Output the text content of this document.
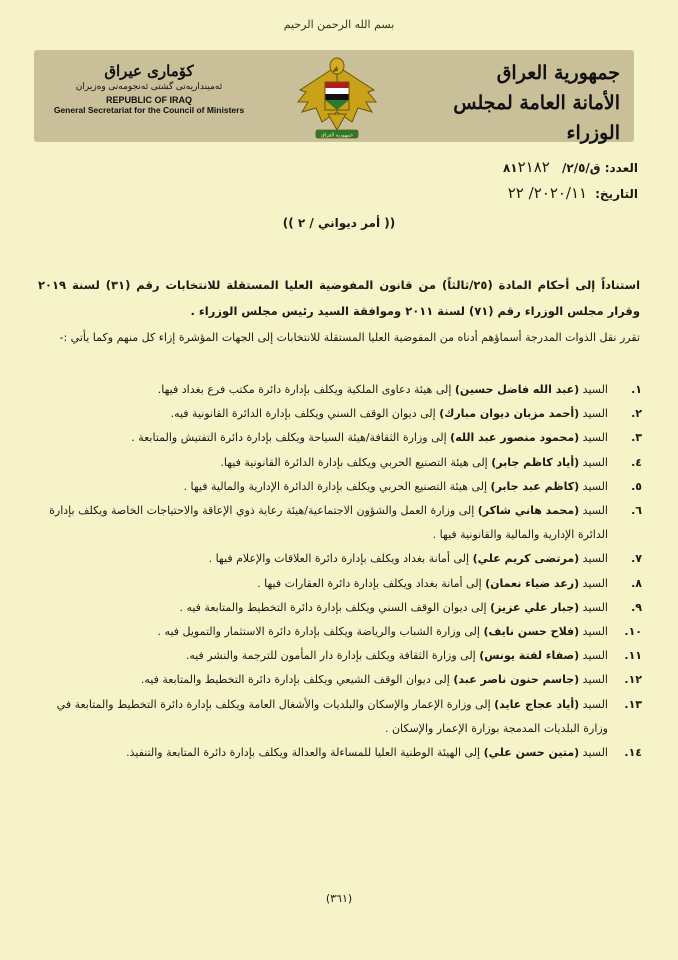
بسم الله الرحمن الرحيم
جمهورية العراق
الأمانة العامة لمجلس الوزراء
كۆماری عیراق
ئه‌مینداریه‌تی گشتی ئه‌نجومه‌نی وه‌زیران
REPUBLIC OF IRAQ
General Secretariat for the Council of Ministers
جمهورية العراق
العدد: ق/٢/٥/ ٨١٢١٨٢
التاريخ:٢٠٢٠/١١/ ٢٢
(( أمر ديواني / ٢ ))
استناداً إلى أحكام المادة (٢٥/ثالثاً) من قانون المفوضية العليا المستقلة للانتخابات رقم (٣١) لسنة ٢٠١٩ وقرار مجلس الوزراء رقم (٧١) لسنة ٢٠١١ وموافقة السيد رئيس مجلس الوزراء .
تقرر نقل الذوات المدرجة أسماؤهم أدناه من المفوضية العليا المستقلة للانتخابات إلى الجهات المؤشرة إزاء كل منهم وكما يأتي :-
١.
السيد (عبد الله فاضل حسين) إلى هيئة دعاوى الملكية ويكلف بإدارة دائرة مكتب فرع بغداد فيها.
٢.
السيد (أحمد مزبان ديوان مبارك) إلى ديوان الوقف السني ويكلف بإدارة الدائرة القانونية فيه.
٣.
السيد (محمود منصور عبد الله) إلى وزارة الثقافة/هيئة السياحة ويكلف بإدارة دائرة التفتيش والمتابعة .
٤.
السيد (أياد كاظم جابر) إلى هيئة التصنيع الحربي ويكلف بإدارة الدائرة القانونية فيها.
٥.
السيد (كاظم عبد جابر) إلى هيئة التصنيع الحربي ويكلف بإدارة الدائرة الإدارية والمالية فيها .
٦.
السيد (محمد هاني شاكر) إلى وزارة العمل والشؤون الاجتماعية/هيئة رعاية ذوي الإعاقة والاحتياجات الخاصة ويكلف بإدارة الدائرة الإدارية والمالية والقانونية فيها .
٧.
السيد (مرتضى كريم علي) إلى أمانة بغداد ويكلف بإدارة دائرة العلاقات والإعلام فيها .
٨.
السيد (رعد ضياء نعمان) إلى أمانة بغداد ويكلف بإدارة دائرة العقارات فيها .
٩.
السيد (جبار علي عزيز) إلى ديوان الوقف السني ويكلف بإدارة دائرة التخطيط والمتابعة فيه .
١٠.
السيد (فلاح حسن نايف) إلى وزارة الشباب والرياضة ويكلف بإدارة دائرة الاستثمار والتمويل فيه .
١١.
السيد (صفاء لفتة يونس) إلى وزارة الثقافة ويكلف بإدارة دار المأمون للترجمة والنشر فيه.
١٢.
السيد (جاسم حنون ناصر عبد) إلى ديوان الوقف الشيعي ويكلف بإدارة دائرة التخطيط والمتابعة فيه.
١٣.
السيد (أياد عجاج عايد) إلى وزارة الإعمار والإسكان والبلديات والأشغال العامة ويكلف بإدارة دائرة التخطيط والمتابعة في وزارة البلديات المدمجة بوزارة الإعمار والإسكان .
١٤.
السيد (متين حسن علي) إلى الهيئة الوطنية العليا للمساءلة والعدالة ويكلف بإدارة دائرة المتابعة والتنفيذ.
(٣٦١)
